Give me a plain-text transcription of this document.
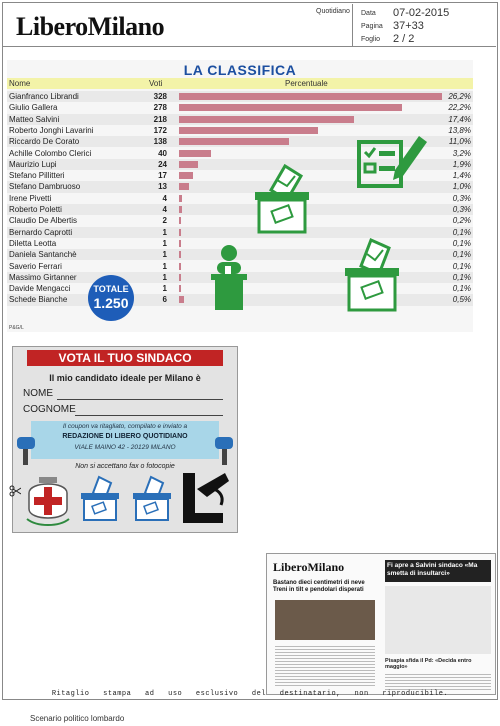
LiberoMilano
Quotidiano Data 07-02-2015
Pagina 37+33
Foglio 2 / 2
LA CLASSIFICA
Nome	Voti	Percentuale
Gianfranco Librandi	328	26,2%
Giulio Gallera	278	22,2%
Matteo Salvini	218	17,4%
Roberto Jonghi Lavarini	172	13,8%
Riccardo De Corato	138	11,0%
Achille Colombo Clerici	40	3,2%
Maurizio Lupi	24	1,9%
Stefano Pillitteri	17	1,4%
Stefano Dambruoso	13	1,0%
Irene Pivetti	4	0,3%
Roberto Poletti	4	0,3%
Claudio De Albertis	2	0,2%
Bernardo Caprotti	1	0,1%
Diletta Leotta	1	0,1%
Daniela Santanchè	1	0,1%
Saverio Ferrari	1	0,1%
Massimo Girtanner	1	0,1%
Davide Mengacci	1	0,1%
Schede Bianche	6	0,5%
P&G/L
TOTALE
1.250
VOTA IL TUO SINDACO
Il mio candidato ideale per Milano è
NOME
COGNOME
Il coupon va ritagliato, compilato e inviato a
REDAZIONE DI LIBERO QUOTIDIANO
VIALE MAINO 42 - 20129 MILANO
Non si accettano fax o fotocopie
LiberoMilano
Bastano dieci centimetri di neve Treni in tilt e pendolari disperati
Fi apre a Salvini sindaco «Ma smetta di insultarci»
Pisapia sfida il Pd: «Decida entro maggio»
Ritaglio stampa ad uso esclusivo del destinatario, non riproducibile.
Scenario politico lombardo
